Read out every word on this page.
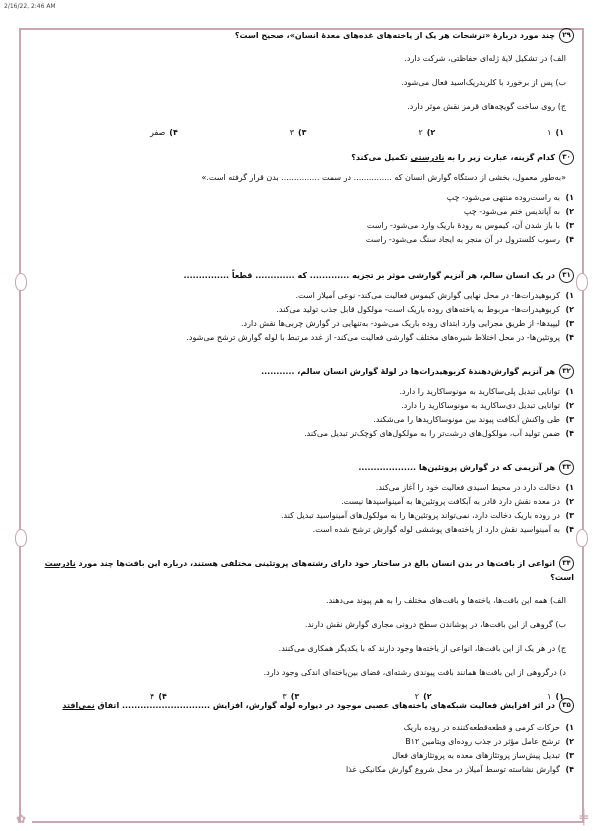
2/16/22, 2:46 AM
✿	╪
۲۹چند مورد دربارۀ «ترشحات هر یک از یاخته‌های غده‌های معدۀ انسان»، صحیح است؟
الف) در تشکیل لایۀ ژله‌ای حفاظتی، شرکت دارد.
ب) پس از برخورد با کلریدریک‌اسید فعال می‌شود.
ج) روی ساخت گویچه‌های قرمز نقش موثر دارد.
۱)۱
۲)۲
۳)۳
۴)صفر
۳۰کدام گزینه، عبارت زیر را به نادرستی تکمیل می‌کند؟
«به‌طور معمول، بخشی از دستگاه گوارش انسان که ............... در سمت ............... بدن قرار گرفته است.»
۱)
به راست‌روده منتهی می‌شود- چپ
۲)
به آپاندیس ختم می‌شود- چپ
۳)
با باز شدن آن، کیموس به رودۀ باریک وارد می‌شود- راست
۴)
رسوب کلسترول در آن منجر به ایجاد سنگ می‌شود- راست
۳۱در یک انسان سالم، هر آنزیم گوارشی موثر بر تجزیه ............. که ............. قطعاً ...............
۱)
کربوهیدرات‌ها- در محل نهایی گوارش کیموس فعالیت می‌کند- نوعی آمیلاز است.
۲)
کربوهیدرات‌ها- مربوط به یاخته‌های روده باریک است- مولکول قابل جذب تولید می‌کند.
۳)
لیپیدها- از طریق مجرایی وارد ابتدای روده باریک می‌شود- به‌تنهایی در گوارش چربی‌ها نقش دارد.
۴)
پروتئین‌ها- در محل اختلاط شیره‌های مختلف گوارشی فعالیت می‌کند- از غدد مرتبط با لوله گوارش ترشح می‌شود.
۳۲هر آنزیم گوارش‌دهندۀ کربوهیدرات‌ها در لولۀ گوارش انسان سالم، ...........
۱)
توانایی تبدیل پلی‌ساکارید به مونوساکارید را دارد.
۲)
توانایی تبدیل دی‌ساکارید به مونوساکارید را دارد.
۳)
طی واکنش آبکافت پیوند بین مونوساکاریدها را می‌شکند.
۴)
ضمن تولید آب، مولکول‌های درشت‌تر را به مولکول‌های کوچک‌تر تبدیل می‌کند.
۳۳هر آنزیمی که در گوارش پروتئین‌ها ...................
۱)
دخالت دارد در محیط اسیدی فعالیت خود را آغاز می‌کند.
۲)
در معده نقش دارد قادر به آبکافت پروتئین‌ها به آمینواسیدها نیست.
۳)
در روده باریک دخالت دارد، نمی‌تواند پروتئین‌ها را به مولکول‌های آمینواسید تبدیل کند.
۴)
به آمینواسید نقش دارد از یاخته‌های پوششی لوله گوارش ترشح شده است.
۳۴انواعی از بافت‌ها در بدن انسان بالغ در ساختار خود دارای رشته‌های پروتئینی مختلفی هستند، درباره این بافت‌ها چند مورد نادرست است؟
الف) همه این بافت‌ها، یاخته‌ها و بافت‌های مختلف را به هم پیوند می‌دهند.
ب) گروهی از این بافت‌ها، در پوشاندن سطح درونی مجاری گوارش نقش دارند.
ج) در هر یک از این بافت‌ها، انواعی از یاخته‌ها وجود دارند که با یکدیگر همکاری می‌کنند.
د) درگروهی از این بافت‌ها همانند بافت پیوندی رشته‌ای، فضای بین‌یاخته‌ای اندکی وجود دارد.
۱)۱
۲)۲
۳)۳
۴)۴
۳۵در اثر افزایش فعالیت شبکه‌های یاخته‌های عصبی موجود در دیواره لوله گوارش، افزایش ............................. اتفاق نمی‌افتد
۱)
حرکات کرمی و قطعه‌قطعه‌کننده در روده باریک
۲)
ترشح عامل مؤثر در جذب روده‌ای ویتامین B۱۲
۳)
تبدیل پیش‌ساز پروتئازهای معده به پروتئازهای فعال
۴)
گوارش نشاسته توسط آمیلاز در محل شروع گوارش مکانیکی غذا
